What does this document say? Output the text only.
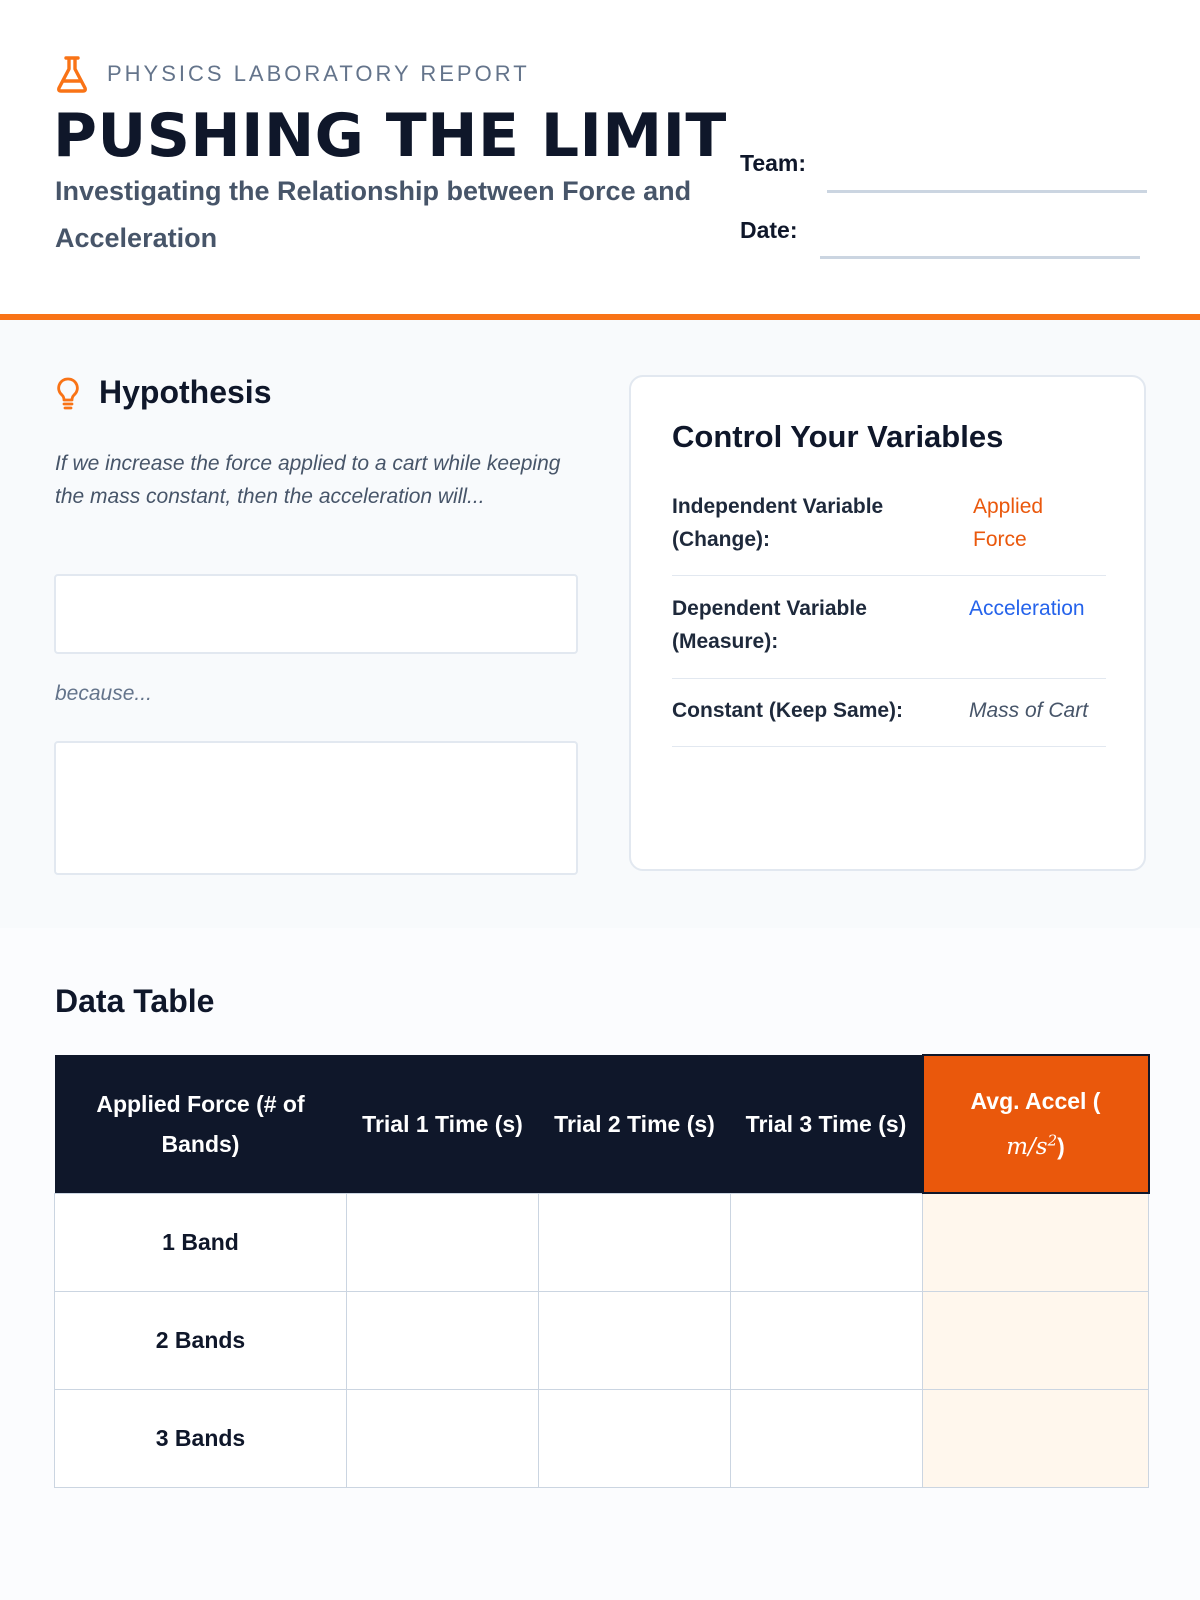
PHYSICS LABORATORY REPORT
PUSHING THE LIMIT
Investigating the Relationship between Force and Acceleration
Team:
Date:
Hypothesis
If we increase the force applied to a cart while keeping the mass constant, then the acceleration will...
because...
Control Your Variables
Independent Variable (Change):
Applied Force
Dependent Variable (Measure):
Acceleration
Constant (Keep Same):	Mass of Cart
Data Table
Applied Force (# of Bands)	Trial 1 Time (s)	Trial 2 Time (s)	Trial 3 Time (s)	Avg. Accel (
$m/s^2$)
1 Band				
2 Bands				
3 Bands				
